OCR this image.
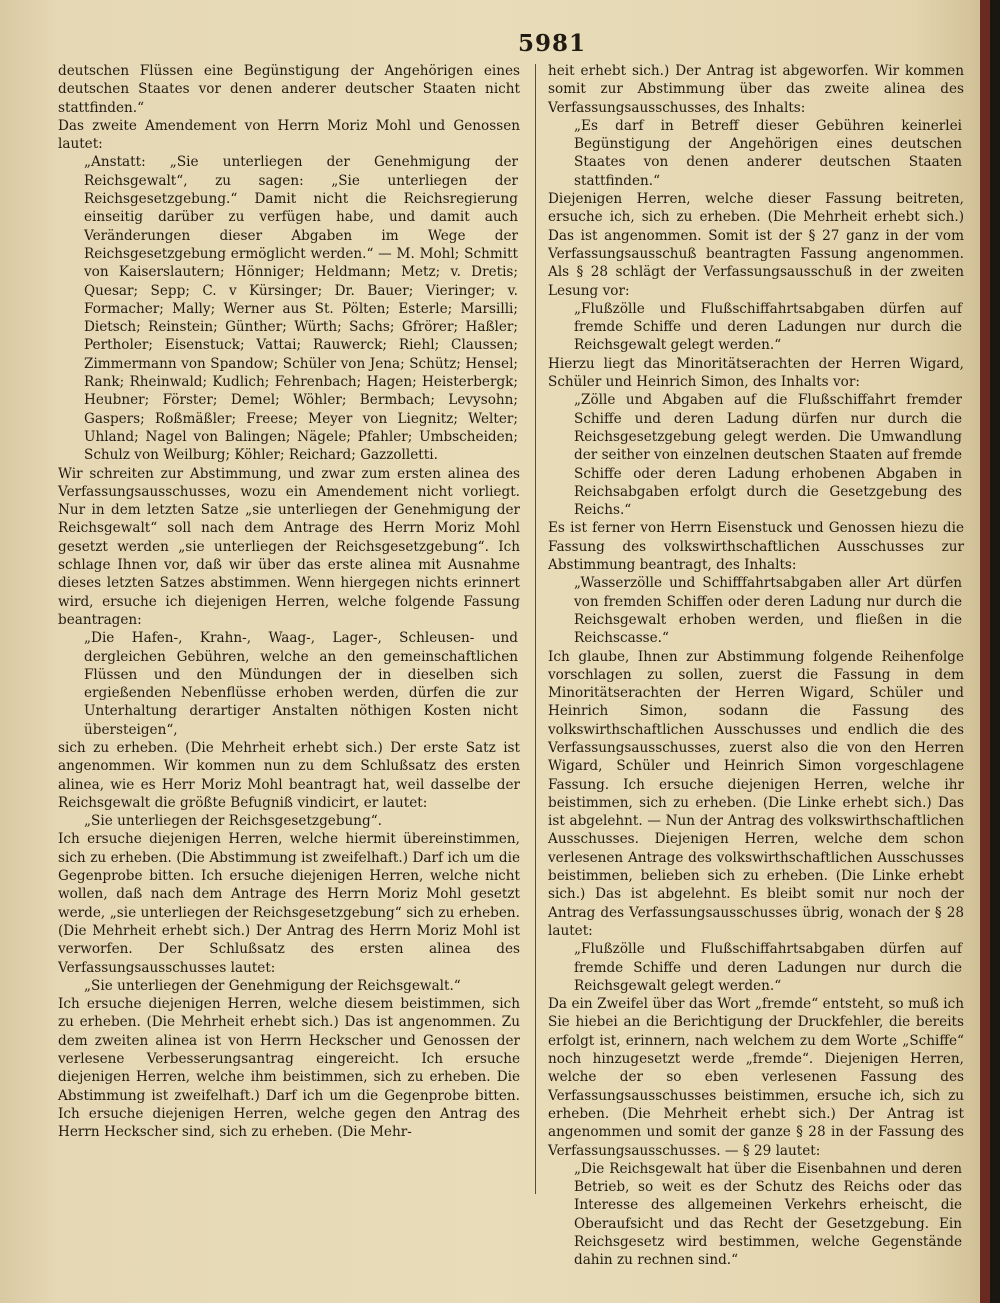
5981

deutschen Flüssen eine Begünstigung der Angehörigen eines deutschen Staates vor denen anderer deutscher Staaten nicht stattfinden.“

Das zweite Amendement von Herrn Moriz Mohl und Genossen lautet:

„Anstatt: „Sie unterliegen der Genehmigung der Reichsgewalt“, zu sagen: „Sie unterliegen der Reichsgesetzgebung.“ Damit nicht die Reichsregierung einseitig darüber zu verfügen habe, und damit auch Veränderungen dieser Abgaben im Wege der Reichsgesetzgebung ermöglicht werden.“ — M. Mohl; Schmitt von Kaiserslautern; Hönniger; Heldmann; Metz; v. Dretis; Quesar; Sepp; C. v Kürsinger; Dr. Bauer; Vieringer; v. Formacher; Mally; Werner aus St. Pölten; Esterle; Marsilli; Dietsch; Reinstein; Günther; Würth; Sachs; Gfrörer; Haßler; Pertholer; Eisenstuck; Vattai; Rauwerck; Riehl; Claussen; Zimmermann von Spandow; Schüler von Jena; Schütz; Hensel; Rank; Rheinwald; Kudlich; Fehrenbach; Hagen; Heisterbergk; Heubner; Förster; Demel; Wöhler; Bermbach; Levysohn; Gaspers; Roßmäßler; Freese; Meyer von Liegnitz; Welter; Uhland; Nagel von Balingen; Nägele; Pfahler; Umbscheiden; Schulz von Weilburg; Köhler; Reichard; Gazzolletti.

Wir schreiten zur Abstimmung, und zwar zum ersten alinea des Verfassungsausschusses, wozu ein Amendement nicht vorliegt. Nur in dem letzten Satze „sie unterliegen der Genehmigung der Reichsgewalt“ soll nach dem Antrage des Herrn Moriz Mohl gesetzt werden „sie unterliegen der Reichsgesetzgebung“. Ich schlage Ihnen vor, daß wir über das erste alinea mit Ausnahme dieses letzten Satzes abstimmen. Wenn hiergegen nichts erinnert wird, ersuche ich diejenigen Herren, welche folgende Fassung beantragen:

„Die Hafen-, Krahn-, Waag-, Lager-, Schleusen- und dergleichen Gebühren, welche an den gemeinschaftlichen Flüssen und den Mündungen der in dieselben sich ergießenden Nebenflüsse erhoben werden, dürfen die zur Unterhaltung derartiger Anstalten nöthigen Kosten nicht übersteigen“,

sich zu erheben. (Die Mehrheit erhebt sich.) Der erste Satz ist angenommen. Wir kommen nun zu dem Schlußsatz des ersten alinea, wie es Herr Moriz Mohl beantragt hat, weil dasselbe der Reichsgewalt die größte Befugniß vindicirt, er lautet:

„Sie unterliegen der Reichsgesetzgebung“.

Ich ersuche diejenigen Herren, welche hiermit übereinstimmen, sich zu erheben. (Die Abstimmung ist zweifelhaft.) Darf ich um die Gegenprobe bitten. Ich ersuche diejenigen Herren, welche nicht wollen, daß nach dem Antrage des Herrn Moriz Mohl gesetzt werde, „sie unterliegen der Reichsgesetzgebung“ sich zu erheben. (Die Mehrheit erhebt sich.) Der Antrag des Herrn Moriz Mohl ist verworfen. Der Schlußsatz des ersten alinea des Verfassungsausschusses lautet:

„Sie unterliegen der Genehmigung der Reichsgewalt.“

Ich ersuche diejenigen Herren, welche diesem beistimmen, sich zu erheben. (Die Mehrheit erhebt sich.) Das ist angenommen. Zu dem zweiten alinea ist von Herrn Heckscher und Genossen der verlesene Verbesserungsantrag eingereicht. Ich ersuche diejenigen Herren, welche ihm beistimmen, sich zu erheben. Die Abstimmung ist zweifelhaft.) Darf ich um die Gegenprobe bitten. Ich ersuche diejenigen Herren, welche gegen den Antrag des Herrn Heckscher sind, sich zu erheben. (Die Mehr-

heit erhebt sich.) Der Antrag ist abgeworfen. Wir kommen somit zur Abstimmung über das zweite alinea des Verfassungsausschusses, des Inhalts:

„Es darf in Betreff dieser Gebühren keinerlei Begünstigung der Angehörigen eines deutschen Staates von denen anderer deutschen Staaten stattfinden.“

Diejenigen Herren, welche dieser Fassung beitreten, ersuche ich, sich zu erheben. (Die Mehrheit erhebt sich.) Das ist angenommen. Somit ist der § 27 ganz in der vom Verfassungsausschuß beantragten Fassung angenommen. Als § 28 schlägt der Verfassungsausschuß in der zweiten Lesung vor:

„Flußzölle und Flußschiffahrtsabgaben dürfen auf fremde Schiffe und deren Ladungen nur durch die Reichsgewalt gelegt werden.“

Hierzu liegt das Minoritätserachten der Herren Wigard, Schüler und Heinrich Simon, des Inhalts vor:

„Zölle und Abgaben auf die Flußschiffahrt fremder Schiffe und deren Ladung dürfen nur durch die Reichsgesetzgebung gelegt werden. Die Umwandlung der seither von einzelnen deutschen Staaten auf fremde Schiffe oder deren Ladung erhobenen Abgaben in Reichsabgaben erfolgt durch die Gesetzgebung des Reichs.“

Es ist ferner von Herrn Eisenstuck und Genossen hiezu die Fassung des volkswirthschaftlichen Ausschusses zur Abstimmung beantragt, des Inhalts:

„Wasserzölle und Schifffahrtsabgaben aller Art dürfen von fremden Schiffen oder deren Ladung nur durch die Reichsgewalt erhoben werden, und fließen in die Reichscasse.“

Ich glaube, Ihnen zur Abstimmung folgende Reihenfolge vorschlagen zu sollen, zuerst die Fassung in dem Minoritätserachten der Herren Wigard, Schüler und Heinrich Simon, sodann die Fassung des volkswirthschaftlichen Ausschusses und endlich die des Verfassungsausschusses, zuerst also die von den Herren Wigard, Schüler und Heinrich Simon vorgeschlagene Fassung. Ich ersuche diejenigen Herren, welche ihr beistimmen, sich zu erheben. (Die Linke erhebt sich.) Das ist abgelehnt. — Nun der Antrag des volkswirthschaftlichen Ausschusses. Diejenigen Herren, welche dem schon verlesenen Antrage des volkswirthschaftlichen Ausschusses beistimmen, belieben sich zu erheben. (Die Linke erhebt sich.) Das ist abgelehnt. Es bleibt somit nur noch der Antrag des Verfassungsausschusses übrig, wonach der § 28 lautet:

„Flußzölle und Flußschiffahrtsabgaben dürfen auf fremde Schiffe und deren Ladungen nur durch die Reichsgewalt gelegt werden.“

Da ein Zweifel über das Wort „fremde“ entsteht, so muß ich Sie hiebei an die Berichtigung der Druckfehler, die bereits erfolgt ist, erinnern, nach welchem zu dem Worte „Schiffe“ noch hinzugesetzt werde „fremde“. Diejenigen Herren, welche der so eben verlesenen Fassung des Verfassungsausschusses beistimmen, ersuche ich, sich zu erheben. (Die Mehrheit erhebt sich.) Der Antrag ist angenommen und somit der ganze § 28 in der Fassung des Verfassungsausschusses. — § 29 lautet:

„Die Reichsgewalt hat über die Eisenbahnen und deren Betrieb, so weit es der Schutz des Reichs oder das Interesse des allgemeinen Verkehrs erheischt, die Oberaufsicht und das Recht der Gesetzgebung. Ein Reichsgesetz wird bestimmen, welche Gegenstände dahin zu rechnen sind.“
